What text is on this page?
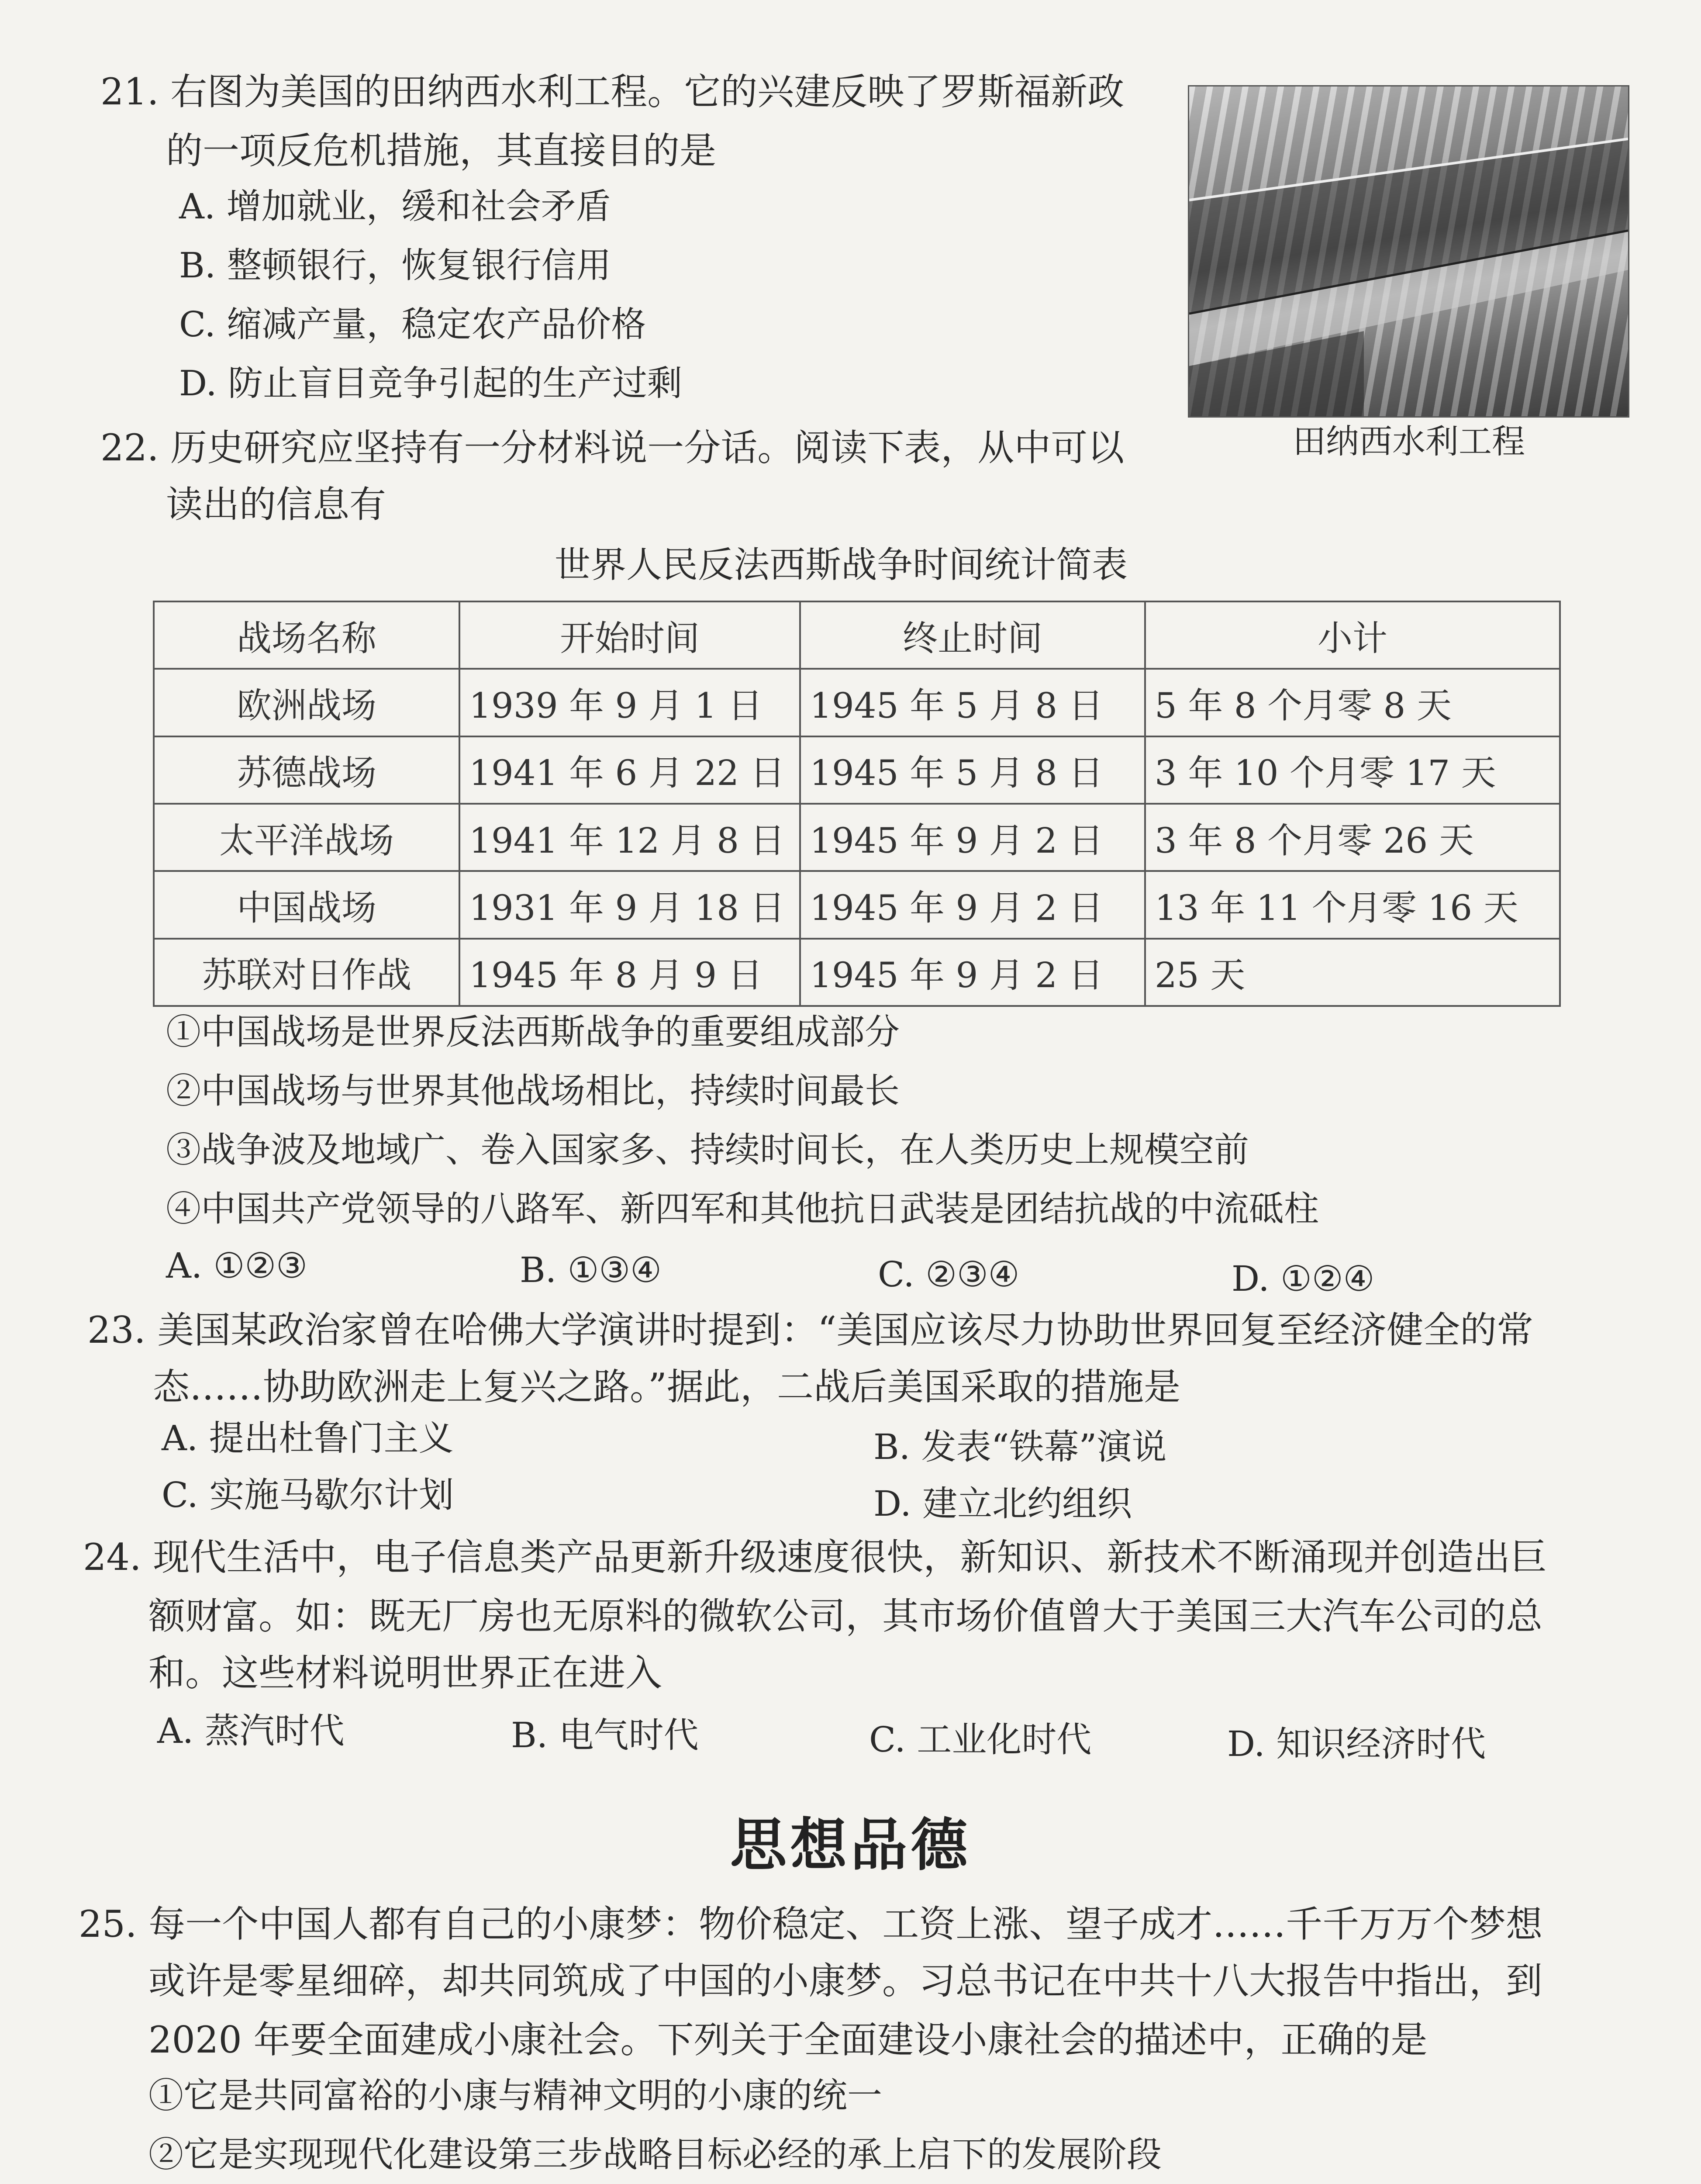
21. 右图为美国的田纳西水利工程。它的兴建反映了罗斯福新政
的一项反危机措施，其直接目的是
A. 增加就业，缓和社会矛盾
B. 整顿银行，恢复银行信用
C. 缩减产量，稳定农产品价格
D. 防止盲目竞争引起的生产过剩
田纳西水利工程
22. 历史研究应坚持有一分材料说一分话。阅读下表，从中可以
读出的信息有
世界人民反法西斯战争时间统计简表
战场名称	开始时间	终止时间	小计
欧洲战场	1939 年 9 月 1 日	1945 年 5 月 8 日	5 年 8 个月零 8 天
苏德战场	1941 年 6 月 22 日	1945 年 5 月 8 日	3 年 10 个月零 17 天
太平洋战场	1941 年 12 月 8 日	1945 年 9 月 2 日	3 年 8 个月零 26 天
中国战场	1931 年 9 月 18 日	1945 年 9 月 2 日	13 年 11 个月零 16 天
苏联对日作战	1945 年 8 月 9 日	1945 年 9 月 2 日	25 天
①中国战场是世界反法西斯战争的重要组成部分
②中国战场与世界其他战场相比，持续时间最长
③战争波及地域广、卷入国家多、持续时间长，在人类历史上规模空前
④中国共产党领导的八路军、新四军和其他抗日武装是团结抗战的中流砥柱
A. ①②③	B. ①③④	C. ②③④	D. ①②④
23. 美国某政治家曾在哈佛大学演讲时提到：“美国应该尽力协助世界回复至经济健全的常
态……协助欧洲走上复兴之路。”据此，二战后美国采取的措施是
A. 提出杜鲁门主义	B. 发表“铁幕”演说
C. 实施马歇尔计划	D. 建立北约组织
24. 现代生活中，电子信息类产品更新升级速度很快，新知识、新技术不断涌现并创造出巨
额财富。如：既无厂房也无原料的微软公司，其市场价值曾大于美国三大汽车公司的总
和。这些材料说明世界正在进入
A. 蒸汽时代	B. 电气时代	C. 工业化时代	D. 知识经济时代
思想品德
25. 每一个中国人都有自己的小康梦：物价稳定、工资上涨、望子成才……千千万万个梦想
或许是零星细碎，却共同筑成了中国的小康梦。习总书记在中共十八大报告中指出，到
2020 年要全面建成小康社会。下列关于全面建设小康社会的描述中，正确的是
①它是共同富裕的小康与精神文明的小康的统一
②它是实现现代化建设第三步战略目标必经的承上启下的发展阶段
